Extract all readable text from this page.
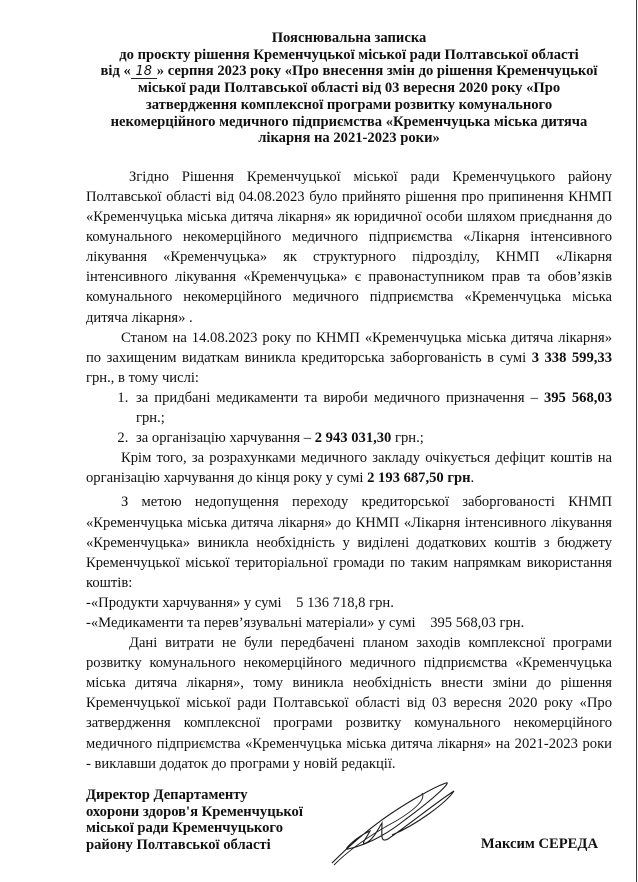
Пояснювальна записка
до проєкту рішення Кременчуцької міської ради Полтавської області
від « 18 » серпня 2023 року «Про внесення змін до рішення Кременчуцької
міської ради Полтавської області від 03 вересня 2020 року «Про
затвердження комплексної програми розвитку комунального
некомерційного медичного підприємства «Кременчуцька міська дитяча
лікарня на 2021-2023 роки»

Згідно Рішення Кременчуцької міської ради Кременчуцького району Полтавської області від 04.08.2023 було прийнято рішення про припинення КНМП «Кременчуцька міська дитяча лікарня» як юридичної особи шляхом приєднання до комунального некомерційного медичного підприємства «Лікарня інтенсивного лікування «Кременчуцька» як структурного підрозділу, КНМП «Лікарня інтенсивного лікування «Кременчуцька» є правонаступником прав та обов’язків комунального некомерційного медичного підприємства «Кременчуцька міська дитяча лікарня» .

Станом на 14.08.2023 року по КНМП «Кременчуцька міська дитяча лікарня» по захищеним видаткам виникла кредиторська заборгованість в сумі 3 338 599,33 грн., в тому числі:

1. за придбані медикаменти та вироби медичного призначення – 395 568,03 грн.;
2. за організацію харчування – 2 943 031,30 грн.;

Крім того, за розрахунками медичного закладу очікується дефіцит коштів на організацію харчування до кінця року у сумі 2 193 687,50 грн.

З метою недопущення переходу кредиторської заборгованості КНМП «Кременчуцька міська дитяча лікарня» до КНМП «Лікарня інтенсивного лікування «Кременчуцька» виникла необхідність у виділені додаткових коштів з бюджету Кременчуцької міської територіальної громади по таким напрямкам використання коштів:

-«Продукти харчування» у сумі 5 136 718,8 грн.

-«Медикаменти та перев’язувальні матеріали» у сумі 395 568,03 грн.

Дані витрати не були передбачені планом заходів комплексної програми розвитку комунального некомерційного медичного підприємства «Кременчуцька міська дитяча лікарня», тому виникла необхідність внести зміни до рішення Кременчуцької міської ради Полтавської області від 03 вересня 2020 року «Про затвердження комплексної програми розвитку комунального некомерційного медичного підприємства «Кременчуцька міська дитяча лікарня» на 2021-2023 роки - виклавши додаток до програми у новій редакції.

Директор Департаменту
охорони здоров'я Кременчуцької
міської ради Кременчуцького
району Полтавської області	Максим СЕРЕДА
